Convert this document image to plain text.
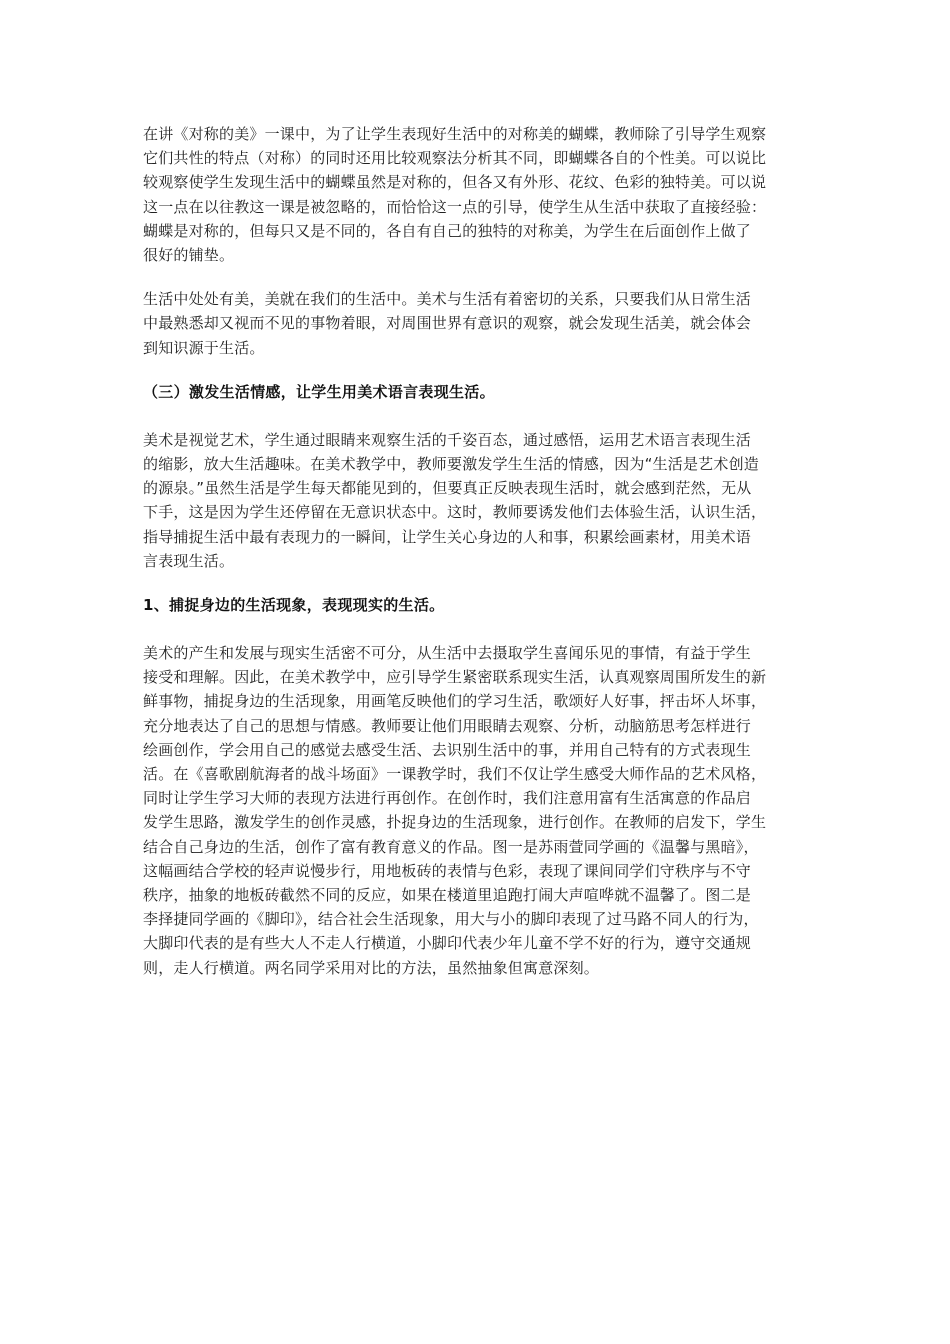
在讲《对称的美》一课中，为了让学生表现好生活中的对称美的蝴蝶，教师除了引导学生观察
它们共性的特点（对称）的同时还用比较观察法分析其不同，即蝴蝶各自的个性美。可以说比
较观察使学生发现生活中的蝴蝶虽然是对称的，但各又有外形、花纹、色彩的独特美。可以说
这一点在以往教这一课是被忽略的，而恰恰这一点的引导，使学生从生活中获取了直接经验：
蝴蝶是对称的，但每只又是不同的，各自有自己的独特的对称美，为学生在后面创作上做了
很好的铺垫。
生活中处处有美，美就在我们的生活中。美术与生活有着密切的关系，只要我们从日常生活
中最熟悉却又视而不见的事物着眼，对周围世界有意识的观察，就会发现生活美，就会体会
到知识源于生活。
（三）激发生活情感，让学生用美术语言表现生活。
美术是视觉艺术，学生通过眼睛来观察生活的千姿百态，通过感悟，运用艺术语言表现生活
的缩影，放大生活趣味。在美术教学中，教师要激发学生生活的情感，因为“生活是艺术创造
的源泉。”虽然生活是学生每天都能见到的，但要真正反映表现生活时，就会感到茫然，无从
下手，这是因为学生还停留在无意识状态中。这时，教师要诱发他们去体验生活，认识生活，
指导捕捉生活中最有表现力的一瞬间，让学生关心身边的人和事，积累绘画素材，用美术语
言表现生活。
1、捕捉身边的生活现象，表现现实的生活。
美术的产生和发展与现实生活密不可分，从生活中去摄取学生喜闻乐见的事情，有益于学生
接受和理解。因此，在美术教学中，应引导学生紧密联系现实生活，认真观察周围所发生的新
鲜事物，捕捉身边的生活现象，用画笔反映他们的学习生活，歌颂好人好事，抨击坏人坏事，
充分地表达了自己的思想与情感。教师要让他们用眼睛去观察、分析，动脑筋思考怎样进行
绘画创作，学会用自己的感觉去感受生活、去识别生活中的事，并用自己特有的方式表现生
活。在《喜歌剧航海者的战斗场面》一课教学时，我们不仅让学生感受大师作品的艺术风格，
同时让学生学习大师的表现方法进行再创作。在创作时，我们注意用富有生活寓意的作品启
发学生思路，激发学生的创作灵感，扑捉身边的生活现象，进行创作。在教师的启发下，学生
结合自己身边的生活，创作了富有教育意义的作品。图一是苏雨萱同学画的《温馨与黑暗》，
这幅画结合学校的轻声说慢步行，用地板砖的表情与色彩，表现了课间同学们守秩序与不守
秩序，抽象的地板砖截然不同的反应，如果在楼道里追跑打闹大声喧哗就不温馨了。图二是
李择捷同学画的《脚印》，结合社会生活现象，用大与小的脚印表现了过马路不同人的行为，
大脚印代表的是有些大人不走人行横道，小脚印代表少年儿童不学不好的行为，遵守交通规
则，走人行横道。两名同学采用对比的方法，虽然抽象但寓意深刻。
